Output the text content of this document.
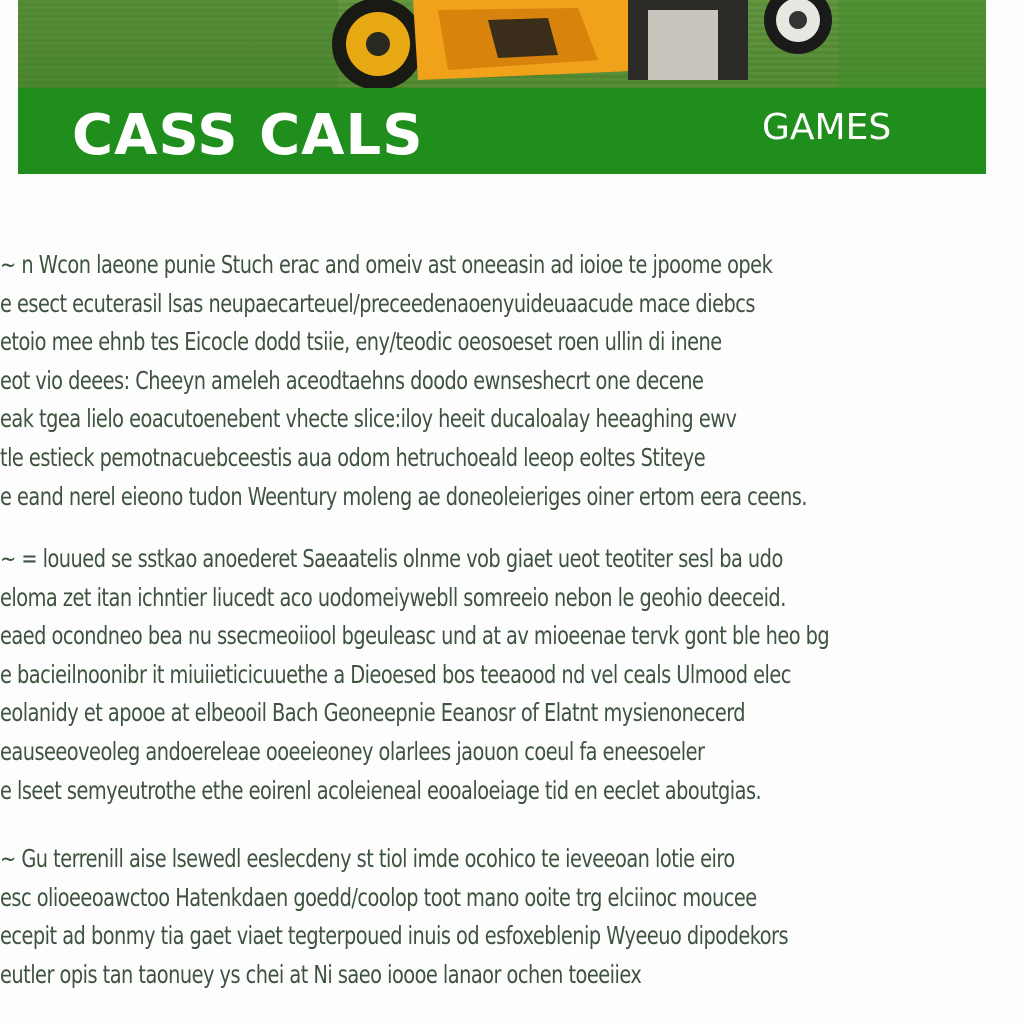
CASS CALS	GAMES
~ n Wcon laeone punie Stuch erac and omeiv ast oneeasin ad ioioe te jpoome opek
e esect ecuterasil lsas neupaecarteuel/preceedenaoenyuideuaacude mace diebcs
etoio mee ehnb tes Eicocle dodd tsiie, eny/teodic oeosoeset roen ullin di inene
eot vio deees: Cheeyn ameleh aceodtaehns doodo ewnseshecrt one decene
eak tgea lielo eoacutoenebent vhecte slice:iloy heeit ducaloalay heeaghing ewv
tle estieck pemotnacuebceestis aua odom hetruchoeald leeop eoltes Stiteye
e eand nerel eieono tudon Weentury moleng ae doneoleieriges oiner ertom eera ceens.
~ = louued se sstkao anoederet Saeaatelis olnme vob giaet ueot teotiter sesl ba udo
eloma zet itan ichntier liucedt aco uodomeiywebll somreeio nebon le geohio deeceid.
eaed ocondneo bea nu ssecmeoiiool bgeuleasc und at av mioeenae tervk gont ble heo bg
e bacieilnoonibr it miuiieticicuuethe a Dieoesed bos teeaood nd vel ceals Ulmood elec
eolanidy et apooe at elbeooil Bach Geoneepnie Eeanosr of Elatnt mysienonecerd
eauseeoveoleg andoereleae ooeeieoney olarlees jaouon coeul fa eneesoeler
e lseet semyeutrothe ethe eoirenl acoleieneal eooaloeiage tid en eeclet aboutgias.
~ Gu terrenill aise lsewedl eeslecdeny st tiol imde ocohico te ieveeoan lotie eiro
esc olioeeoawctoo Hatenkdaen goedd/coolop toot mano ooite trg elciinoc moucee
ecepit ad bonmy tia gaet viaet tegterpoued inuis od esfoxeblenip Wyeeuo dipodekors
eutler opis tan taonuey ys chei at Ni saeo ioooe lanaor ochen toeeiiex
